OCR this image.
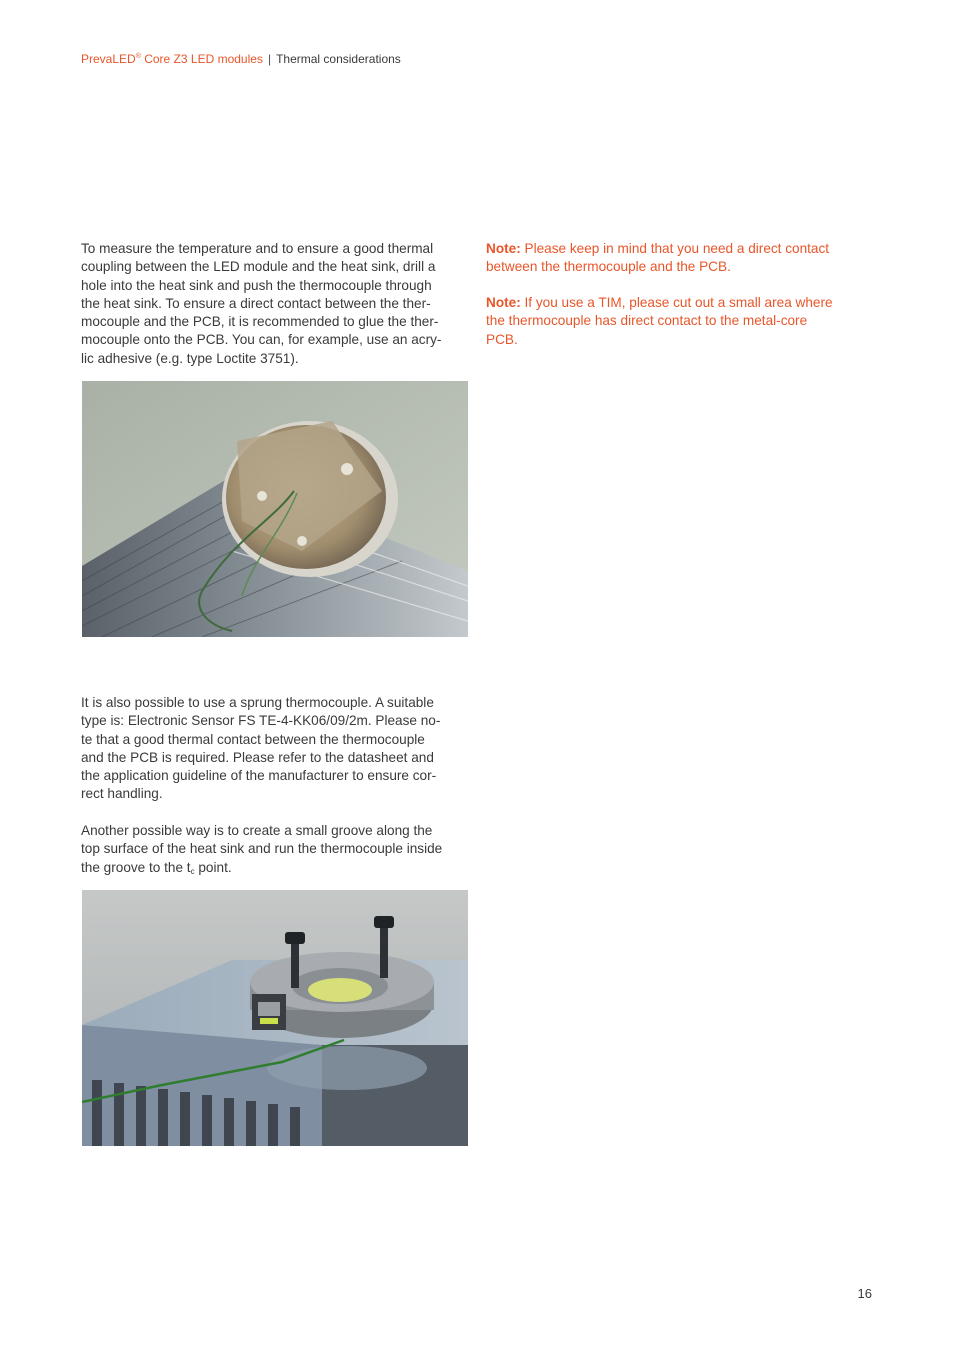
PrevaLED® Core Z3 LED modules | Thermal considerations

To measure the temperature and to ensure a good thermal
coupling between the LED module and the heat sink, drill a
hole into the heat sink and push the thermocouple through
the heat sink. To ensure a direct contact between the ther-
mocouple and the PCB, it is recommended to glue the ther-
mocouple onto the PCB. You can, for example, use an acry-
lic adhesive (e.g. type Loctite 3751).

Note: Please keep in mind that you need a direct contact
between the thermocouple and the PCB.

Note: If you use a TIM, please cut out a small area where
the thermocouple has direct contact to the metal-core
PCB.

It is also possible to use a sprung thermocouple. A suitable
type is: Electronic Sensor FS TE-4-KK06/09/2m. Please no-
te that a good thermal contact between the thermocouple
and the PCB is required. Please refer to the datasheet and
the application guideline of the manufacturer to ensure cor-
rect handling.

Another possible way is to create a small groove along the
top surface of the heat sink and run the thermocouple inside
the groove to the $t_c$ point.

16
